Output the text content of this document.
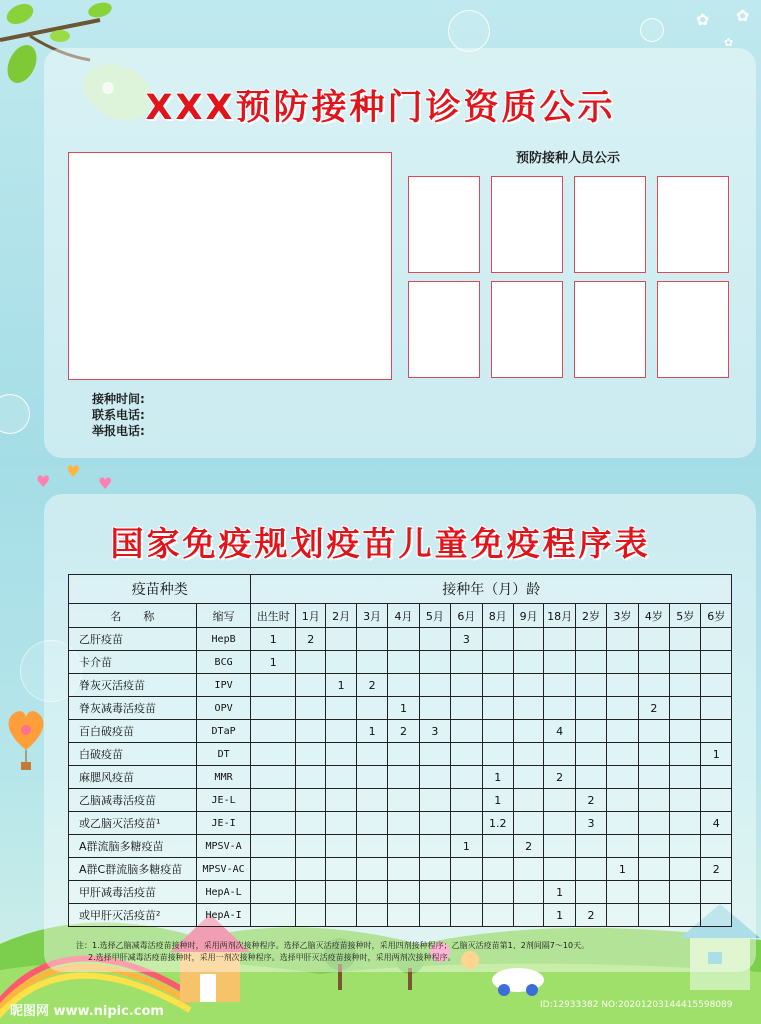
✿ ✿
✿
♥
♥
♥
XXX预防接种门诊资质公示
预防接种人员公示
接种时间:
联系电话:
举报电话:
国家免疫规划疫苗儿童免疫程序表
疫苗种类		接种年（月）龄														
名　　称	缩写	出生时	1月	2月	3月	4月	5月	6月	8月	9月	18月	2岁	3岁	4岁	5岁	6岁
乙肝疫苗	HepB	1	2					3								
卡介苗	BCG	1														
脊灰灭活疫苗	IPV			1	2											
脊灰减毒活疫苗	OPV					1								2		
百白破疫苗	DTaP				1	2	3				4					
白破疫苗	DT															1
麻腮风疫苗	MMR								1		2					
乙脑减毒活疫苗	JE-L								1			2				
或乙脑灭活疫苗¹	JE-I								1.2			3				4
A群流脑多糖疫苗	MPSV-A							1		2						
A群C群流脑多糖疫苗	MPSV-AC												1			2
甲肝减毒活疫苗	HepA-L										1					
或甲肝灭活疫苗²	HepA-I										1	2				
注：1.选择乙脑减毒活疫苗接种时，采用两剂次接种程序。选择乙脑灭活疫苗接种时，采用四剂接种程序；乙脑灭活疫苗第1、2剂间隔7～10天。
2.选择甲肝减毒活疫苗接种时，采用一剂次接种程序。选择甲肝灭活疫苗接种时，采用两剂次接种程序。
昵图网 www.nipic.com	ID:12933382 NO:20201203144415598089
